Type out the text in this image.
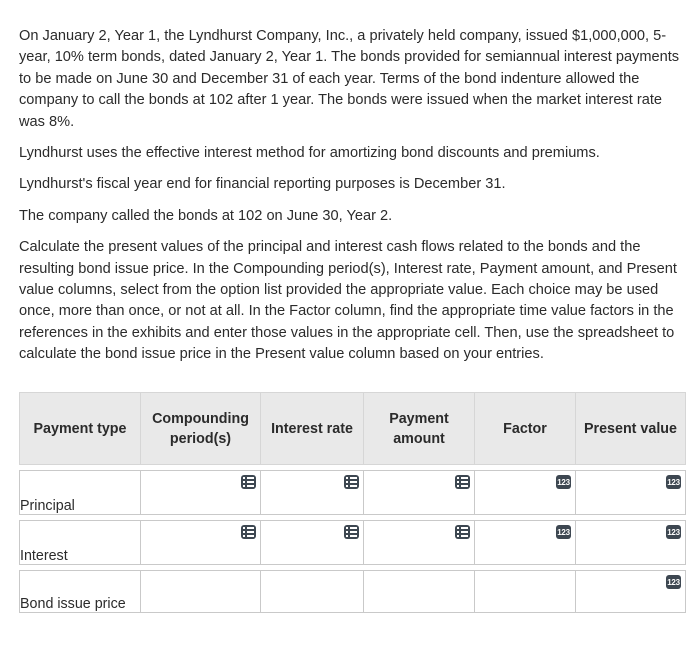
On January 2, Year 1, the Lyndhurst Company, Inc., a privately held company, issued $1,000,000, 5-year, 10% term bonds, dated January 2, Year 1. The bonds provided for semiannual interest payments to be made on June 30 and December 31 of each year. Terms of the bond indenture allowed the company to call the bonds at 102 after 1 year. The bonds were issued when the market interest rate was 8%.

Lyndhurst uses the effective interest method for amortizing bond discounts and premiums.

Lyndhurst's fiscal year end for financial reporting purposes is December 31.

The company called the bonds at 102 on June 30, Year 2.

Calculate the present values of the principal and interest cash flows related to the bonds and the resulting bond issue price. In the Compounding period(s), Interest rate, Payment amount, and Present value columns, select from the option list provided the appropriate value. Each choice may be used once, more than once, or not at all. In the Factor column, find the appropriate time value factors in the references in the exhibits and enter those values in the appropriate cell. Then, use the spreadsheet to calculate the bond issue price in the Present value column based on your entries.

Payment type	Compounding period(s)	Interest rate	Payment amount	Factor	Present value

Principal				123	123

Interest				123	123

Bond issue price					123
